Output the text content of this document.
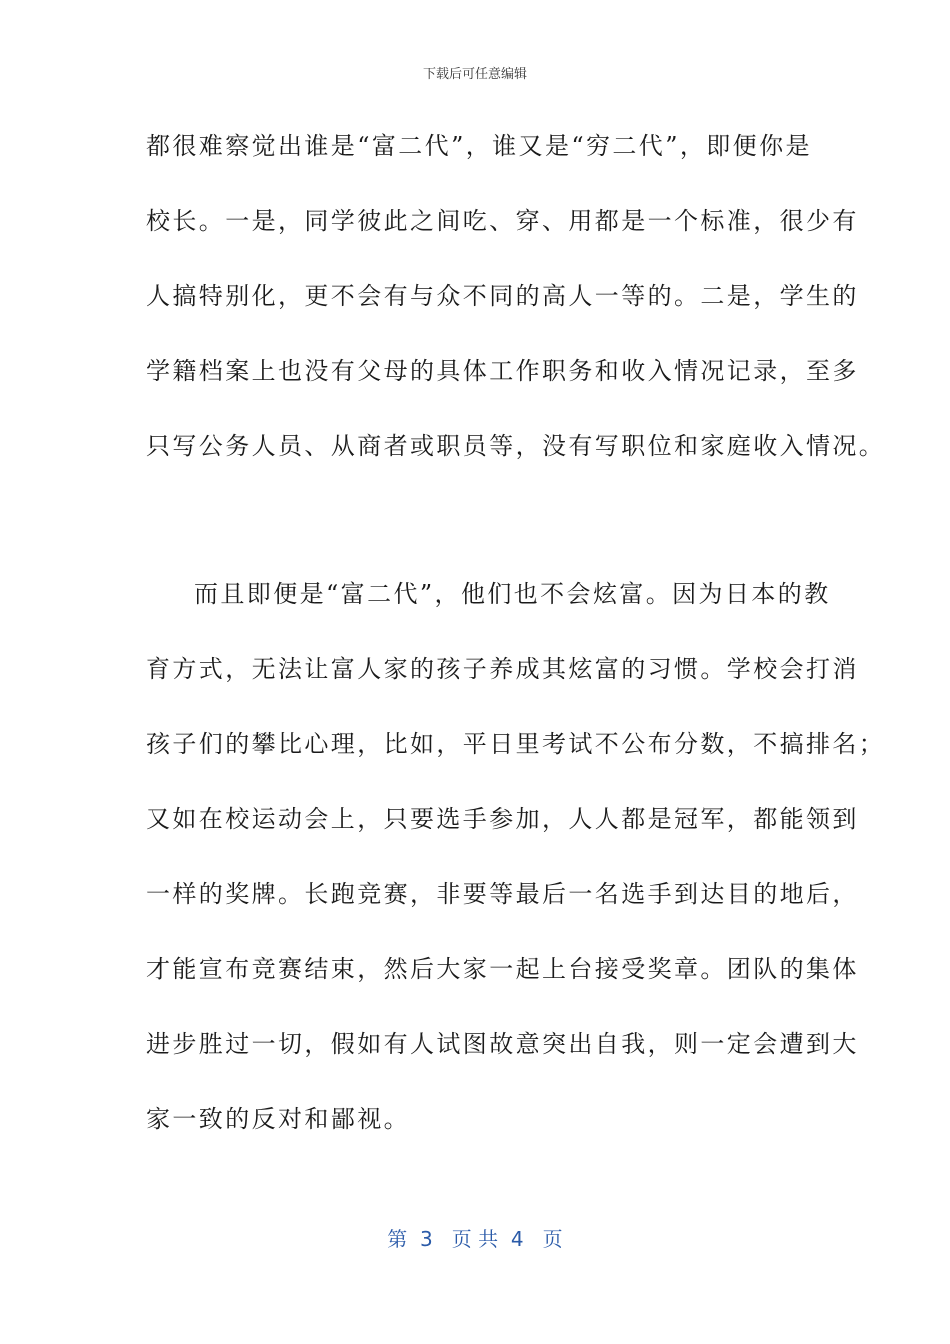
下载后可任意编辑
都很难察觉出谁是“富二代”，谁又是“穷二代”，即便你是
校长。一是，同学彼此之间吃、穿、用都是一个标准，很少有
人搞特别化，更不会有与众不同的高人一等的。二是，学生的
学籍档案上也没有父母的具体工作职务和收入情况记录，至多
只写公务人员、从商者或职员等，没有写职位和家庭收入情况。
而且即便是“富二代”，他们也不会炫富。因为日本的教
育方式，无法让富人家的孩子养成其炫富的习惯。学校会打消
孩子们的攀比心理，比如，平日里考试不公布分数，不搞排名；
又如在校运动会上，只要选手参加，人人都是冠军，都能领到
一样的奖牌。长跑竞赛，非要等最后一名选手到达目的地后，
才能宣布竞赛结束，然后大家一起上台接受奖章。团队的集体
进步胜过一切，假如有人试图故意突出自我，则一定会遭到大
家一致的反对和鄙视。
第  3   页 共  4   页
